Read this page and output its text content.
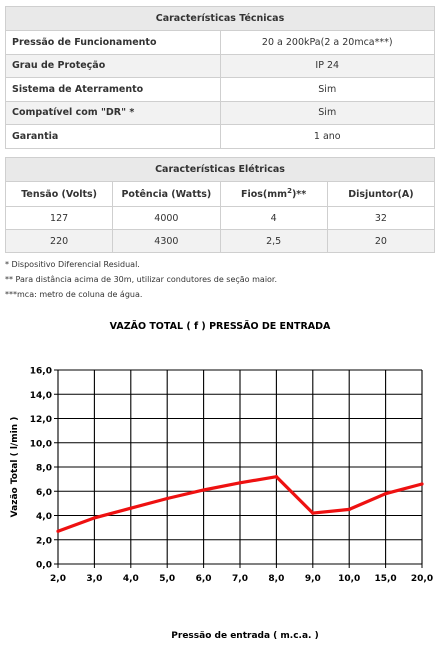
Características Técnicas	
Pressão de Funcionamento	20 a 200kPa(2 a 20mca***)
Grau de Proteção	IP 24
Sistema de Aterramento	Sim
Compatível com "DR" *	Sim
Garantia	1 ano
Características Elétricas			
Tensão (Volts)	Potência (Watts)	$Fios(mm^2)**$	Disjuntor(A)
127	4000	4	32
220	4300	2,5	20
* Dispositivo Diferencial Residual.
** Para distância acima de 30m, utilizar condutores de seção maior.
***mca: metro de coluna de água.
VAZÃO TOTAL ( f ) PRESSÃO DE ENTRADA
0,0
2,0
4,0
6,0
8,0
10,0
12,0
14,0
16,0
2,0 3,0 4,0 5,0 6,0 7,0 8,0 9,0 10,0 15,0 20,0
Pressão de entrada ( m.c.a. )
Vazão Total ( l/min )
